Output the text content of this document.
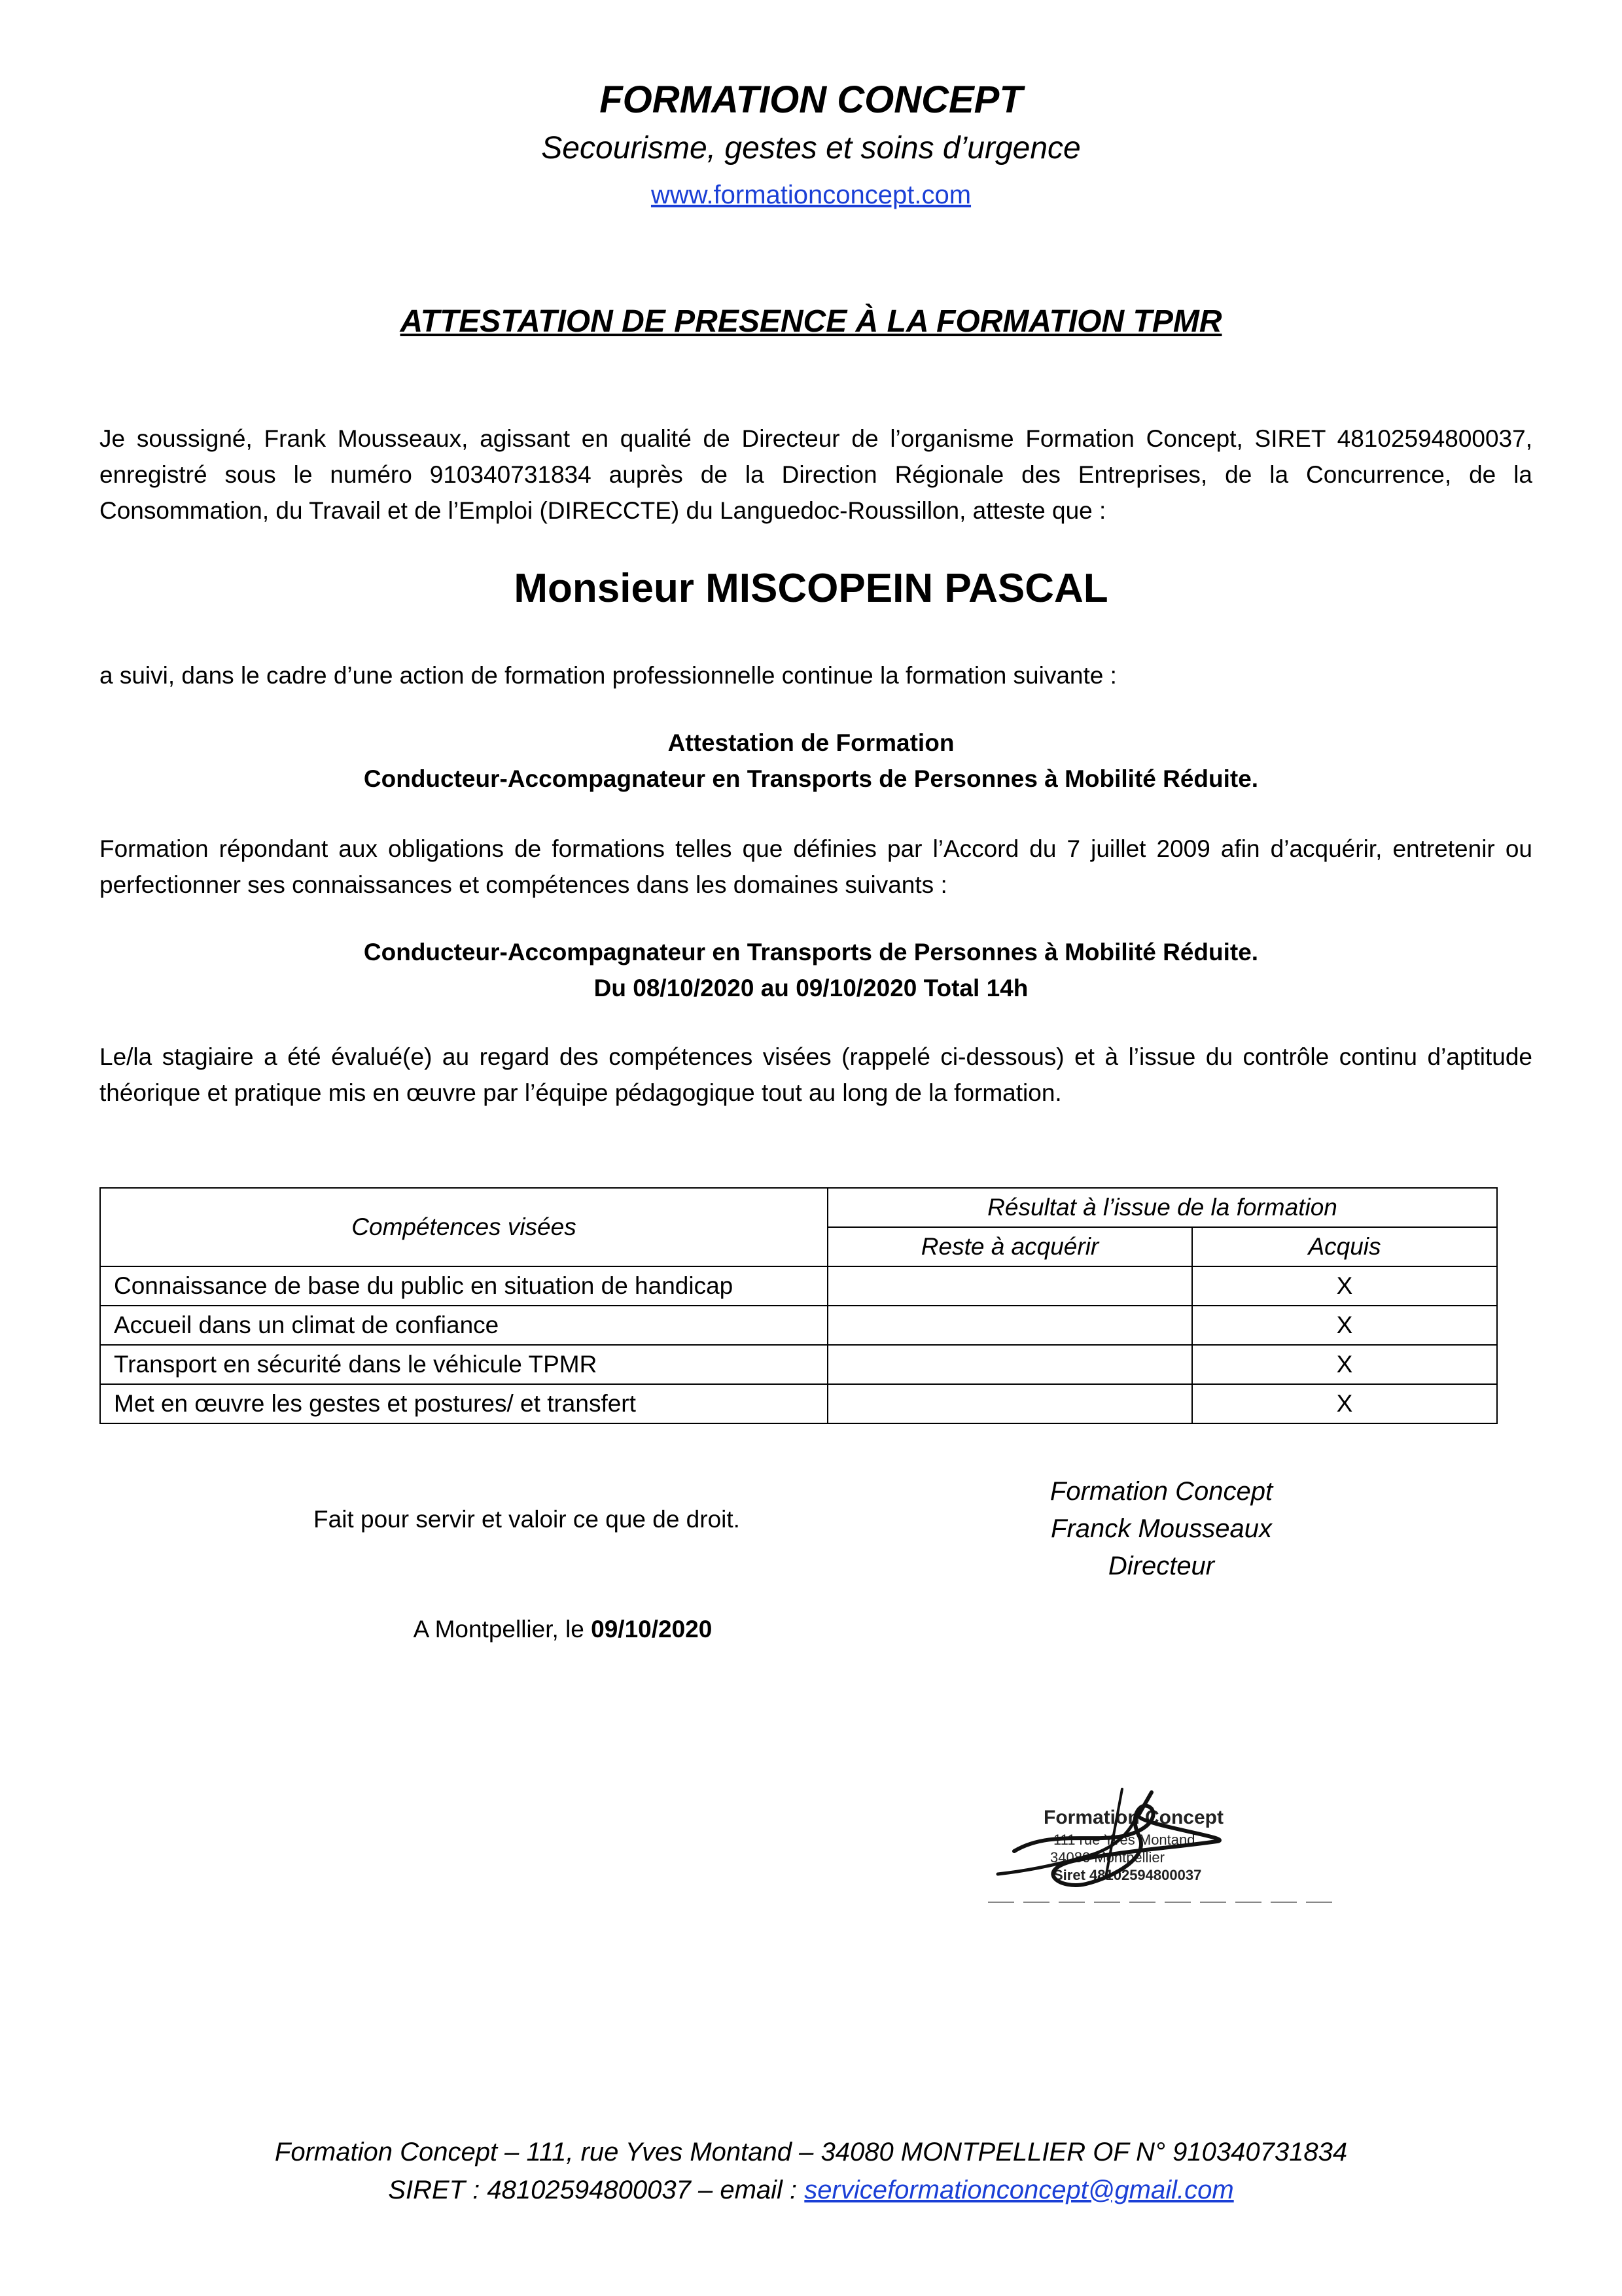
FORMATION CONCEPT
Secourisme, gestes et soins d’urgence
www.formationconcept.com
ATTESTATION DE PRESENCE À LA FORMATION TPMR
Je soussigné, Frank Mousseaux, agissant en qualité de Directeur de l’organisme Formation Concept, SIRET 48102594800037, enregistré sous le numéro 910340731834 auprès de la Direction Régionale des Entreprises, de la Concurrence, de la Consommation, du Travail et de l’Emploi (DIRECCTE) du Languedoc-Roussillon, atteste que :
Monsieur MISCOPEIN PASCAL
a suivi, dans le cadre d’une action de formation professionnelle continue la formation suivante :
Attestation de Formation
Conducteur-Accompagnateur en Transports de Personnes à Mobilité Réduite.
Formation répondant aux obligations de formations telles que définies par l’Accord du 7 juillet 2009 afin d’acquérir, entretenir ou perfectionner ses connaissances et compétences dans les domaines suivants :
Conducteur-Accompagnateur en Transports de Personnes à Mobilité Réduite.
Du 08/10/2020 au 09/10/2020 Total 14h
Le/la stagiaire a été évalué(e) au regard des compétences visées (rappelé ci-dessous) et à l’issue du contrôle continu d’aptitude théorique et pratique mis en œuvre par l’équipe pédagogique tout au long de la formation.
Compétences visées	Résultat à l’issue de la formation	
	Reste à acquérir	Acquis
Connaissance de base du public en situation de handicap		X
Accueil dans un climat de confiance		X
Transport en sécurité dans le véhicule TPMR		X
Met en œuvre les gestes et postures/ et transfert		X
Fait pour servir et valoir ce que de droit.
A Montpellier, le 09/10/2020
Formation Concept
Franck Mousseaux
Directeur
Formation Concept
111 rue Yves Montand
34080 Montpellier
Siret 48102594800037
Formation Concept – 111, rue Yves Montand – 34080 MONTPELLIER OF N° 910340731834
SIRET : 48102594800037 – email : serviceformationconcept@gmail.com
